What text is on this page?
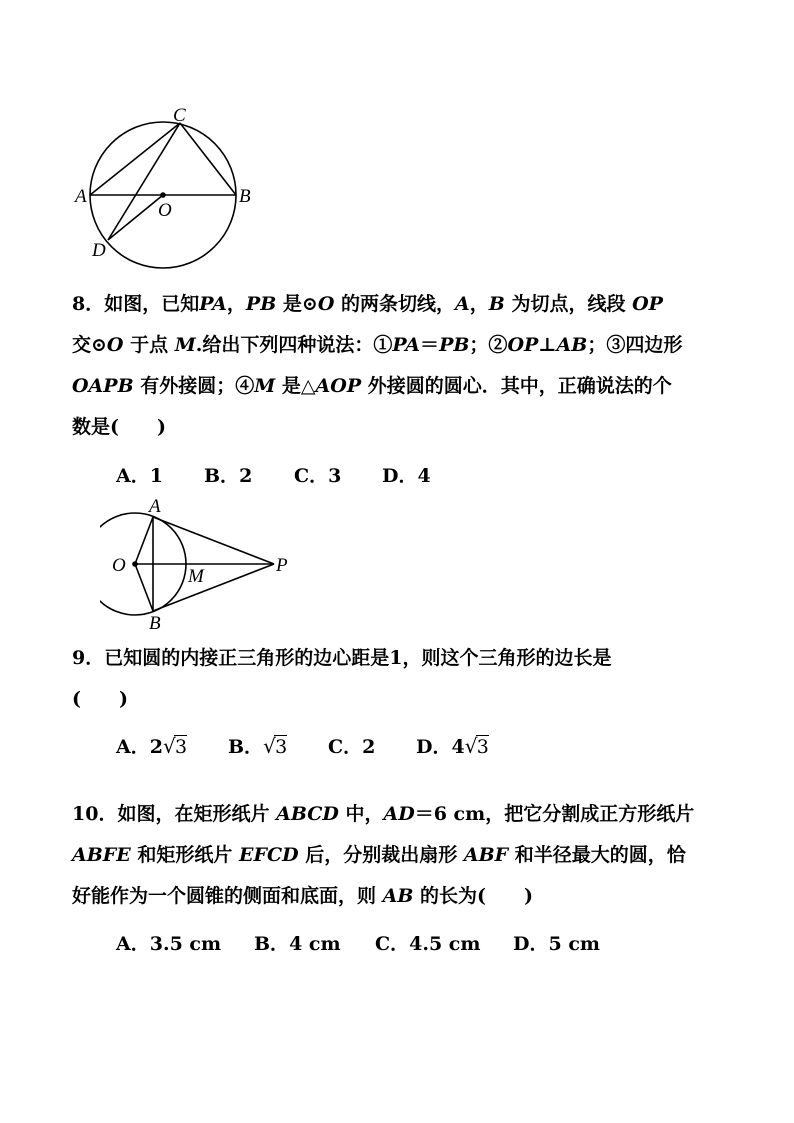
A	B
C
D
O

8．如图，已知PA，PB 是⊙O 的两条切线，A，B 为切点，线段 OP

交⊙O 于点 M.给出下列四种说法：①PA＝PB；②OP⊥AB；③四边形

OAPB 有外接圆；④M 是△AOP 外接圆的圆心．其中，正确说法的个

数是(　　)

A．1 B．2 C．3 D．4
A
B
O
M
P

9．已知圆的内接正三角形的边心距是1，则这个三角形的边长是

(　　)

A．2 √ 3 B． √ 3 C．2 D．4 √ 3

10．如图，在矩形纸片 ABCD 中，AD＝6 cm，把它分割成正方形纸片

ABFE 和矩形纸片 EFCD 后，分别裁出扇形 ABF 和半径最大的圆，恰

好能作为一个圆锥的侧面和底面，则 AB 的长为(　　)

A．3.5 cm B．4 cm C．4.5 cm D．5 cm
